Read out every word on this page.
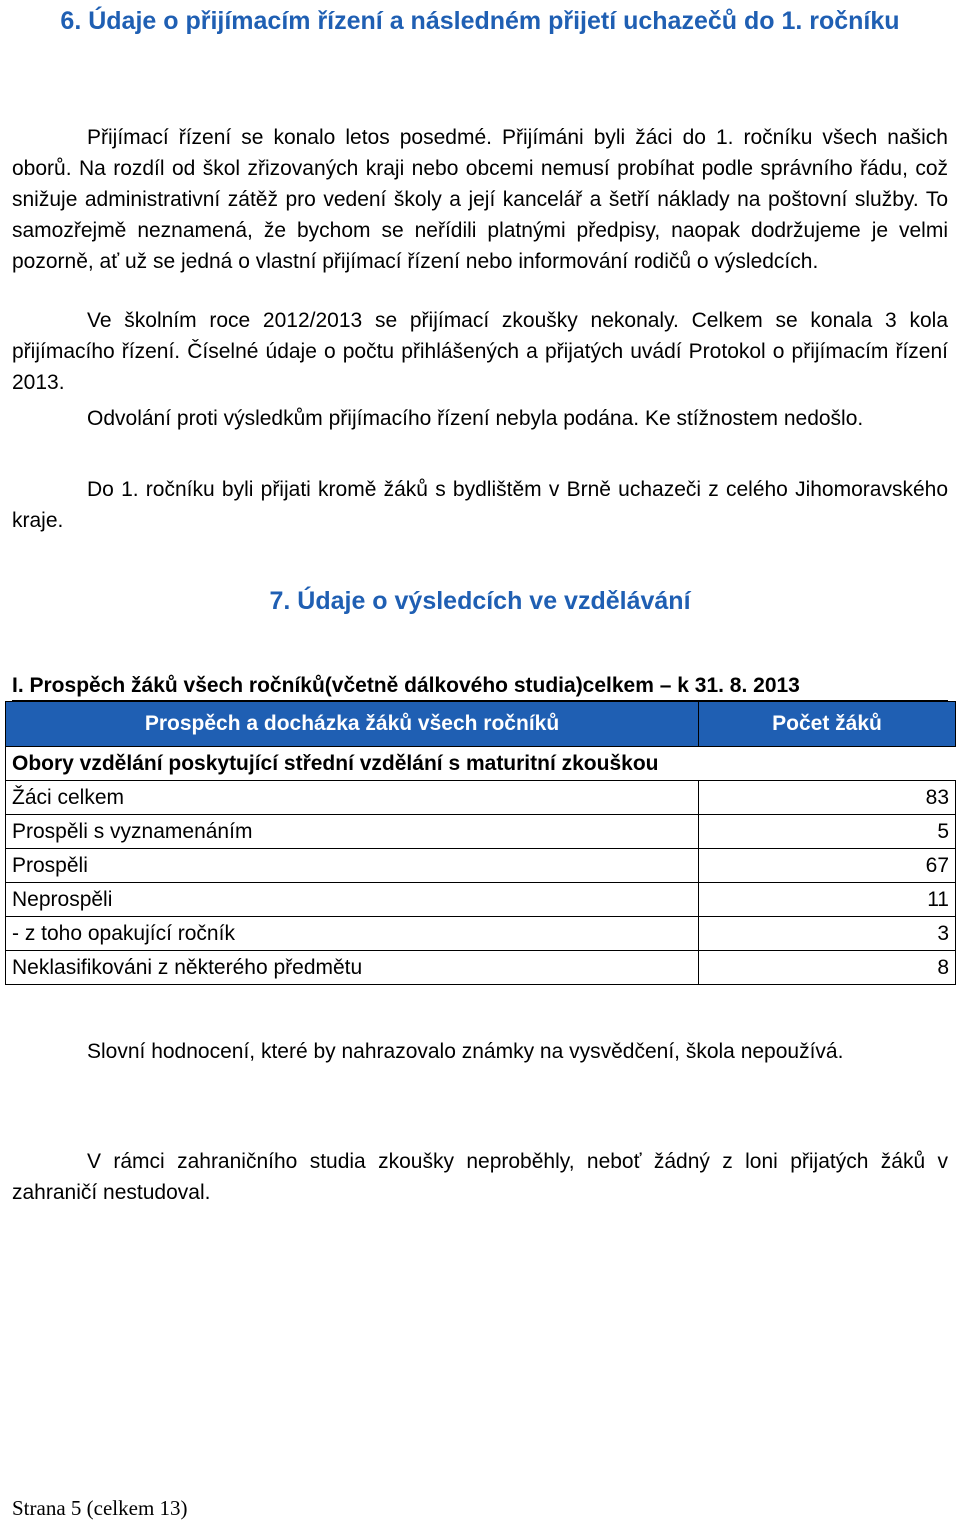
6. Údaje o přijímacím řízení a následném přijetí uchazečů do 1. ročníku
Přijímací řízení se konalo letos posedmé. Přijímáni byli žáci do 1. ročníku všech našich oborů. Na rozdíl od škol zřizovaných kraji nebo obcemi nemusí probíhat podle správního řádu, což snižuje administrativní zátěž pro vedení školy a její kancelář a šetří náklady na poštovní služby. To samozřejmě neznamená, že bychom se neřídili platnými předpisy, naopak dodržujeme je velmi pozorně, ať už se jedná o vlastní přijímací řízení nebo informování rodičů o výsledcích.
Ve školním roce 2012/2013 se přijímací zkoušky nekonaly. Celkem se konala 3 kola přijímacího řízení. Číselné údaje o počtu přihlášených a přijatých uvádí Protokol o přijímacím řízení 2013.
Odvolání proti výsledkům přijímacího řízení nebyla podána. Ke stížnostem nedošlo.
Do 1. ročníku byli přijati kromě žáků s bydlištěm v Brně uchazeči z celého Jihomoravského kraje.
7. Údaje o výsledcích ve vzdělávání
I. Prospěch žáků všech ročníků(včetně dálkového studia)celkem – k 31. 8. 2013
Prospěch a docházka žáků všech ročníků	Počet žáků
Obory vzdělání poskytující střední vzdělání s maturitní zkouškou	
Žáci celkem	83
Prospěli s vyznamenáním	5
Prospěli	67
Neprospěli	11
- z toho opakující ročník	3
Neklasifikováni z některého předmětu	8
Slovní hodnocení, které by nahrazovalo známky na vysvědčení, škola nepoužívá.
V rámci zahraničního studia zkoušky neproběhly, neboť žádný z loni přijatých žáků v zahraničí nestudoval.
Strana 5 (celkem 13)
